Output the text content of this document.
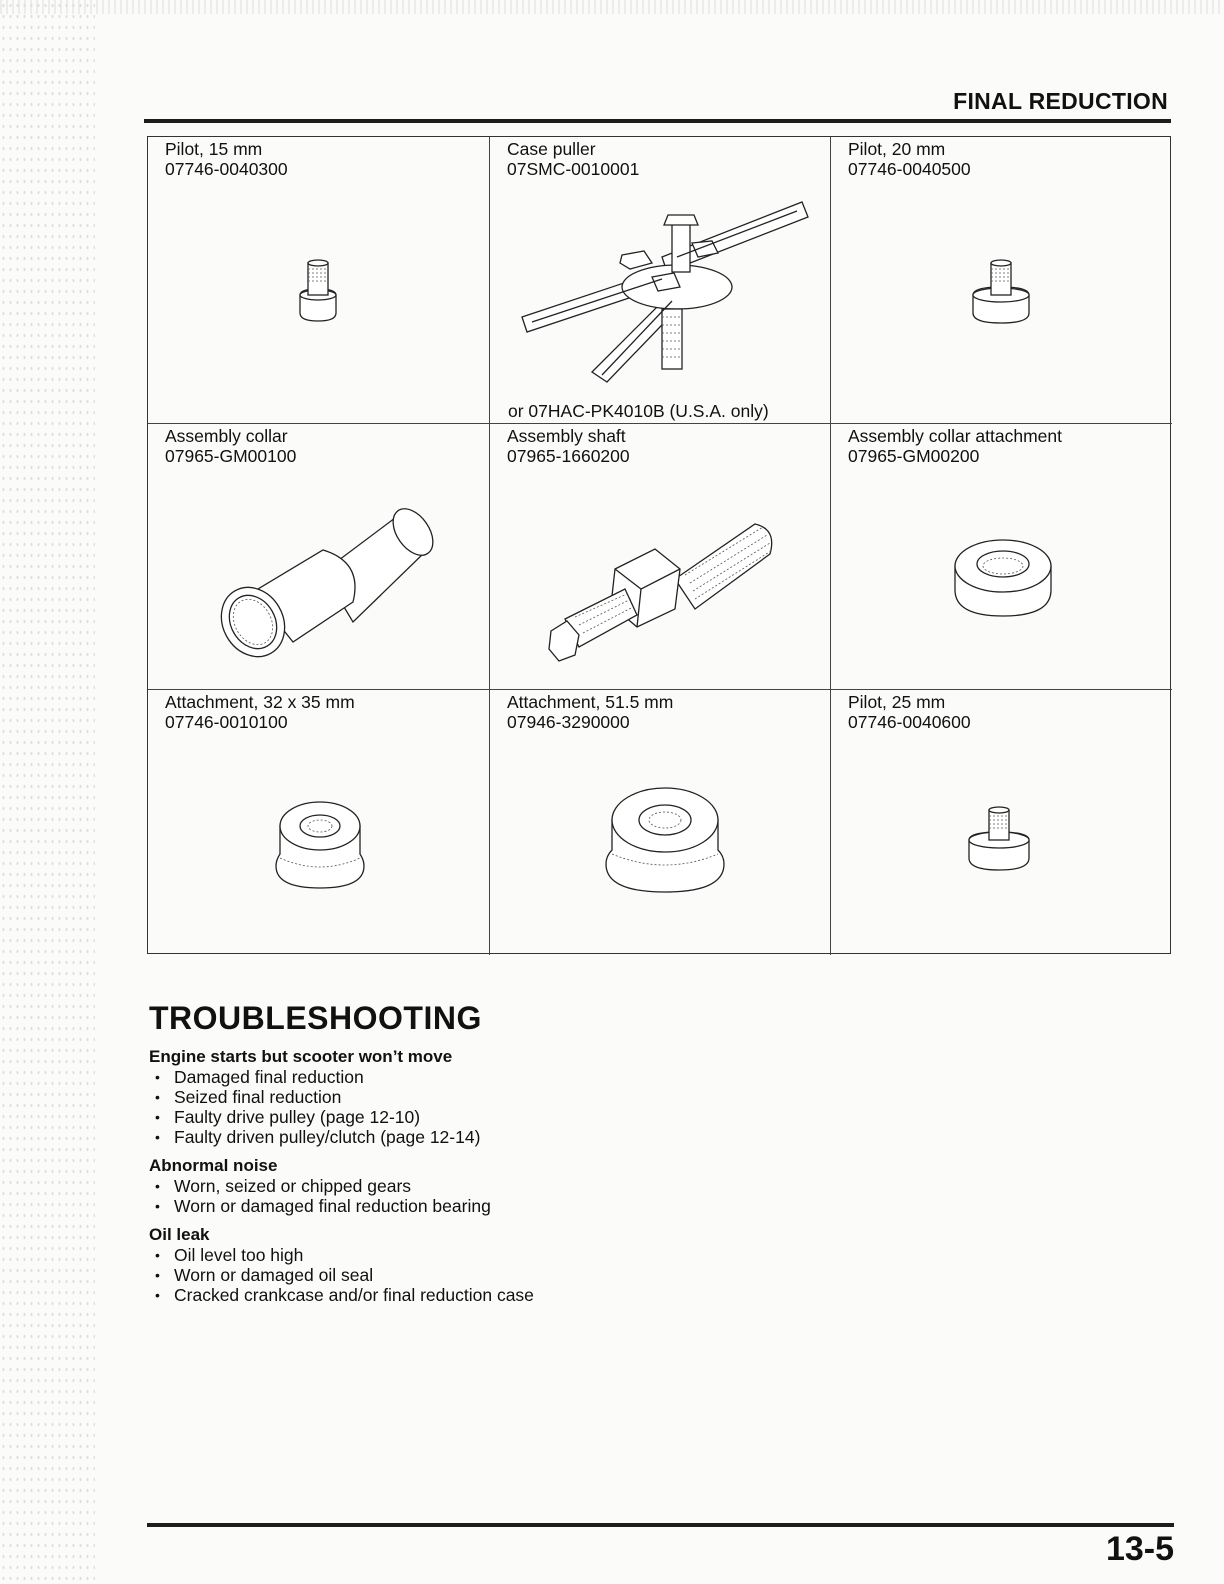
FINAL REDUCTION
Pilot, 15 mm
07746-0040300
Case puller
07SMC-0010001
or 07HAC-PK4010B (U.S.A. only)
Pilot, 20 mm
07746-0040500
Assembly collar
07965-GM00100
Assembly shaft
07965-1660200
Assembly collar attachment
07965-GM00200
Attachment, 32 x 35 mm
07746-0010100
Attachment, 51.5 mm
07946-3290000
Pilot, 25 mm
07746-0040600
TROUBLESHOOTING
Engine starts but scooter won’t move
• Damaged final reduction
• Seized final reduction
• Faulty drive pulley (page 12-10)
• Faulty driven pulley/clutch (page 12-14)
Abnormal noise
• Worn, seized or chipped gears
• Worn or damaged final reduction bearing
Oil leak
• Oil level too high
• Worn or damaged oil seal
• Cracked crankcase and/or final reduction case
13-5
